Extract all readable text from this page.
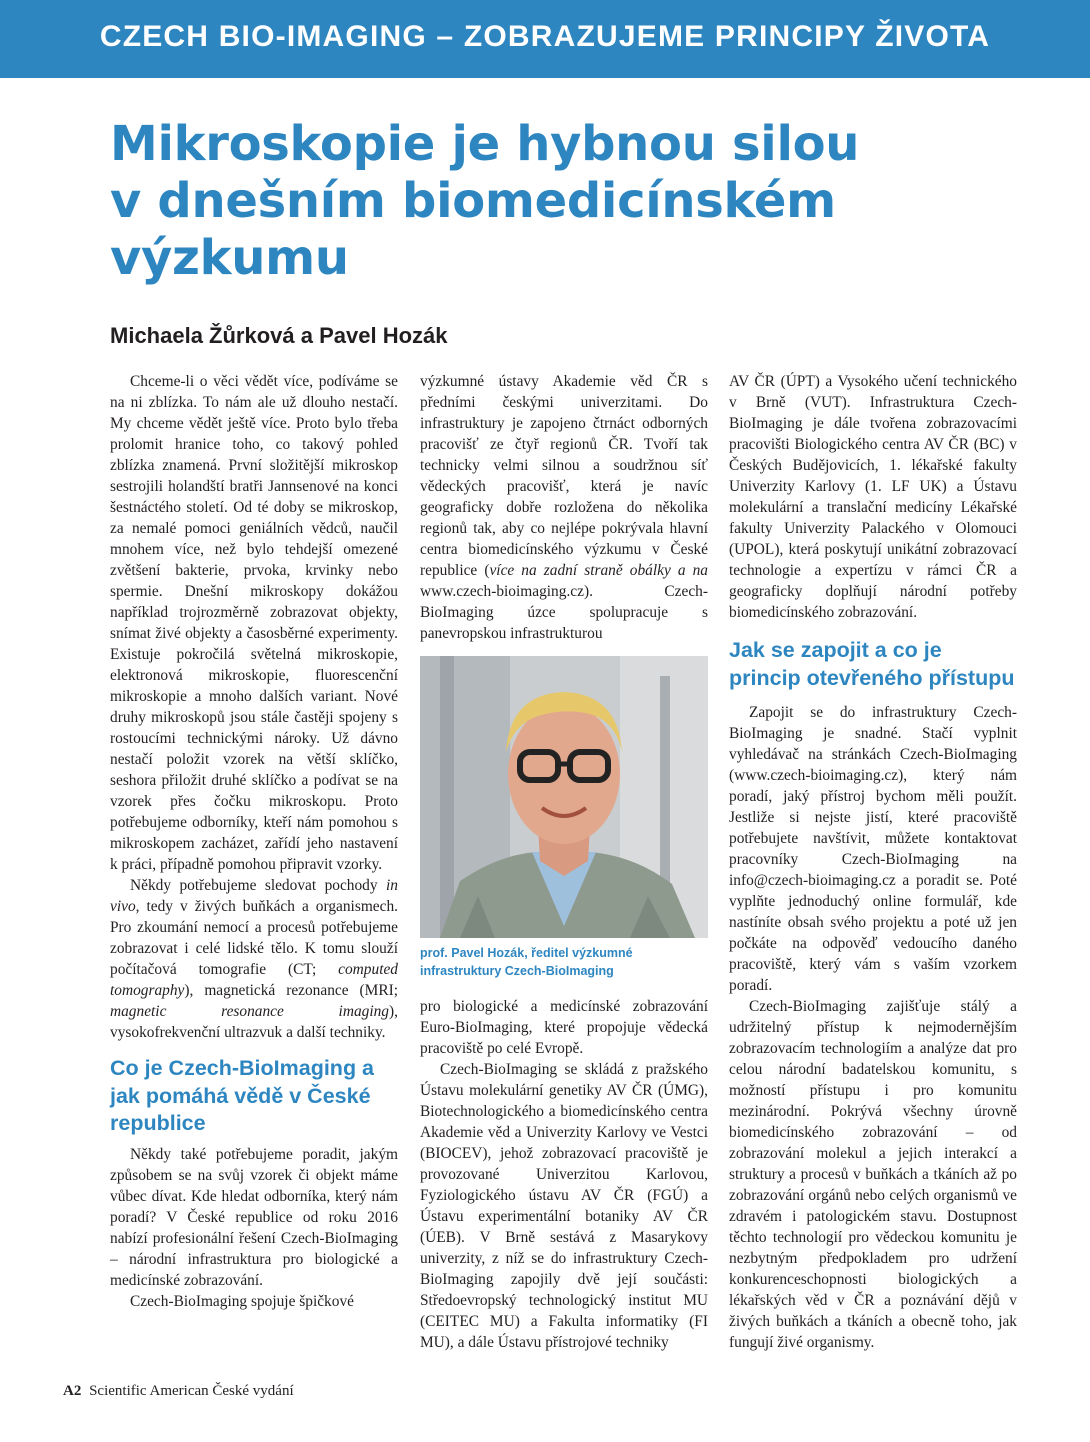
CZECH BIO-IMAGING – ZOBRAZUJEME PRINCIPY ŽIVOTA
Mikroskopie je hybnou silou
v dnešním biomedicínském
výzkumu
Michaela Žůrková a Pavel Hozák

Chceme-li o věci vědět více, podíváme se na ni zblízka. To nám ale už dlouho nestačí. My chceme vědět ještě více. Proto bylo třeba prolomit hranice toho, co takový pohled zblízka znamená. První složitější mikroskop sestrojili holandští bratři Jannsenové na konci šestnáctého století. Od té doby se mikroskop, za nemalé pomoci geniálních vědců, naučil mnohem více, než bylo tehdejší omezené zvětšení bakterie, prvoka, krvinky nebo spermie. Dnešní mikroskopy dokážou například trojrozměrně zobrazovat objekty, snímat živé objekty a časosběrné experimenty. Existuje pokročilá světelná mikroskopie, elektronová mikroskopie, fluorescenční mikroskopie a mnoho dalších variant. Nové druhy mikroskopů jsou stále častěji spojeny s rostoucími technickými nároky. Už dávno nestačí položit vzorek na větší sklíčko, seshora přiložit druhé sklíčko a podívat se na vzorek přes čočku mikroskopu. Proto potřebujeme odborníky, kteří nám pomohou s mikroskopem zacházet, zařídí jeho nastavení k práci, případně pomohou připravit vzorky.

Někdy potřebujeme sledovat pochody in vivo, tedy v živých buňkách a organismech. Pro zkoumání nemocí a procesů potřebujeme zobrazovat i celé lidské tělo. K tomu slouží počítačová tomografie (CT; computed tomography), magnetická rezonance (MRI; magnetic resonance imaging), vysokofrekvenční ultrazvuk a další techniky.

Co je Czech-BioImaging a jak pomáhá vědě v České republice

Někdy také potřebujeme poradit, jakým způsobem se na svůj vzorek či objekt máme vůbec dívat. Kde hledat odborníka, který nám poradí? V České republice od roku 2016 nabízí profesionální řešení Czech-BioImaging – národní infrastruktura pro biologické a medicínské zobrazování.

Czech-BioImaging spojuje špičkové

výzkumné ústavy Akademie věd ČR s předními českými univerzitami. Do infrastruktury je zapojeno čtrnáct odborných pracovišť ze čtyř regionů ČR. Tvoří tak technicky velmi silnou a soudržnou síť vědeckých pracovišť, která je navíc geograficky dobře rozložena do několika regionů tak, aby co nejlépe pokrývala hlavní centra biomedicínského výzkumu v České republice (více na zadní straně obálky a na www.czech-bioimaging.cz). Czech-BioImaging úzce spolupracuje s panevropskou infrastrukturou

prof. Pavel Hozák, ředitel výzkumné infrastruktury Czech-BioImaging

pro biologické a medicínské zobrazování Euro-BioImaging, které propojuje vědecká pracoviště po celé Evropě.

Czech-BioImaging se skládá z pražského Ústavu molekulární genetiky AV ČR (ÚMG), Biotechnologického a biomedicínského centra Akademie věd a Univerzity Karlovy ve Vestci (BIOCEV), jehož zobrazovací pracoviště je provozované Univerzitou Karlovou, Fyziologického ústavu AV ČR (FGÚ) a Ústavu experimentální botaniky AV ČR (ÚEB). V Brně sestává z Masarykovy univerzity, z níž se do infrastruktury Czech-BioImaging zapojily dvě její součásti: Středoevropský technologický institut MU (CEITEC MU) a Fakulta informatiky (FI MU), a dále Ústavu přístrojové techniky

AV ČR (ÚPT) a Vysokého učení technického v Brně (VUT). Infrastruktura Czech-BioImaging je dále tvořena zobrazovacími pracovišti Biologického centra AV ČR (BC) v Českých Budějovicích, 1. lékařské fakulty Univerzity Karlovy (1. LF UK) a Ústavu molekulární a translační medicíny Lékařské fakulty Univerzity Palackého v Olomouci (UPOL), která poskytují unikátní zobrazovací technologie a expertízu v rámci ČR a geograficky doplňují národní potřeby biomedicínského zobrazování.

Jak se zapojit a co je princip otevřeného přístupu

Zapojit se do infrastruktury Czech-BioImaging je snadné. Stačí vyplnit vyhledávač na stránkách Czech-BioImaging (www.czech-bioimaging.cz), který nám poradí, jaký přístroj bychom měli použít. Jestliže si nejste jistí, které pracoviště potřebujete navštívit, můžete kontaktovat pracovníky Czech-BioImaging na info@czech-bioimaging.cz a poradit se. Poté vyplňte jednoduchý online formulář, kde nastíníte obsah svého projektu a poté už jen počkáte na odpověď vedoucího daného pracoviště, který vám s vaším vzorkem poradí.

Czech-BioImaging zajišťuje stálý a udržitelný přístup k nejmodernějším zobrazovacím technologiím a analýze dat pro celou národní badatelskou komunitu, s možností přístupu i pro komunitu mezinárodní. Pokrývá všechny úrovně biomedicínského zobrazování – od zobrazování molekul a jejich interakcí a struktury a procesů v buňkách a tkáních až po zobrazování orgánů nebo celých organismů ve zdravém i patologickém stavu. Dostupnost těchto technologií pro vědeckou komunitu je nezbytným předpokladem pro udržení konkurenceschopnosti biologických a lékařských věd v ČR a poznávání dějů v živých buňkách a tkáních a obecně toho, jak fungují živé organismy.

A2 Scientific American České vydání
